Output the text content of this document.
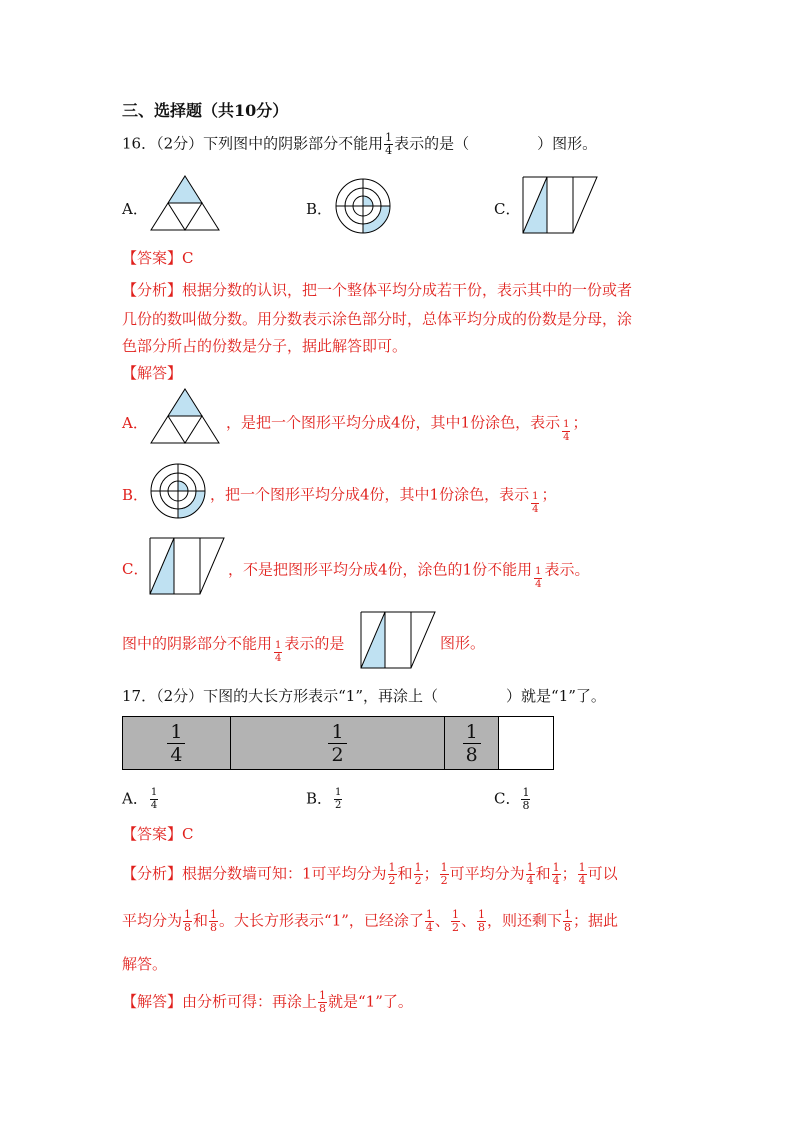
三、选择题（共10分）
16．（2分）下列图中的阴影部分不能用 $\frac{1}{4}$ 表示的是（	）图形。
A．	B．	C．
【答案】C
【分析】根据分数的认识，把一个整体平均分成若干份，表示其中的一份或者
几份的数叫做分数。用分数表示涂色部分时，总体平均分成的份数是分母，涂
色部分所占的份数是分子，据此解答即可。
【解答】
A．	，是把一个图形平均分成4份，其中1份涂色，表示 $\frac{1}{4}$ ；
B．	，把一个图形平均分成4份，其中1份涂色，表示 $\frac{1}{4}$ ；
C．	，不是把图形平均分成4份，涂色的1份不能用 $\frac{1}{4}$ 表示。
图中的阴影部分不能用 $\frac{1}{4}$ 表示的是	图形。
17．（2分）下图的大长方形表示“1”，再涂上（	）就是“1”了。
$\frac{1}{4}$	$\frac{1}{2}$	$\frac{1}{8}$
A． $\frac{1}{4}$	B． $\frac{1}{2}$	C． $\frac{1}{8}$
【答案】C
【分析】根据分数墙可知：1可平均分为 $\frac{1}{2}$ 和 $\frac{1}{2}$ ； $\frac{1}{2}$ 可平均分为 $\frac{1}{4}$ 和 $\frac{1}{4}$ ； $\frac{1}{4}$ 可以
平均分为 $\frac{1}{8}$ 和 $\frac{1}{8}$ 。大长方形表示“1”，已经涂了 $\frac{1}{4}$ 、 $\frac{1}{2}$ 、 $\frac{1}{8}$ ，则还剩下 $\frac{1}{8}$ ；据此
解答。
【解答】由分析可得：再涂上 $\frac{1}{8}$ 就是“1”了。
